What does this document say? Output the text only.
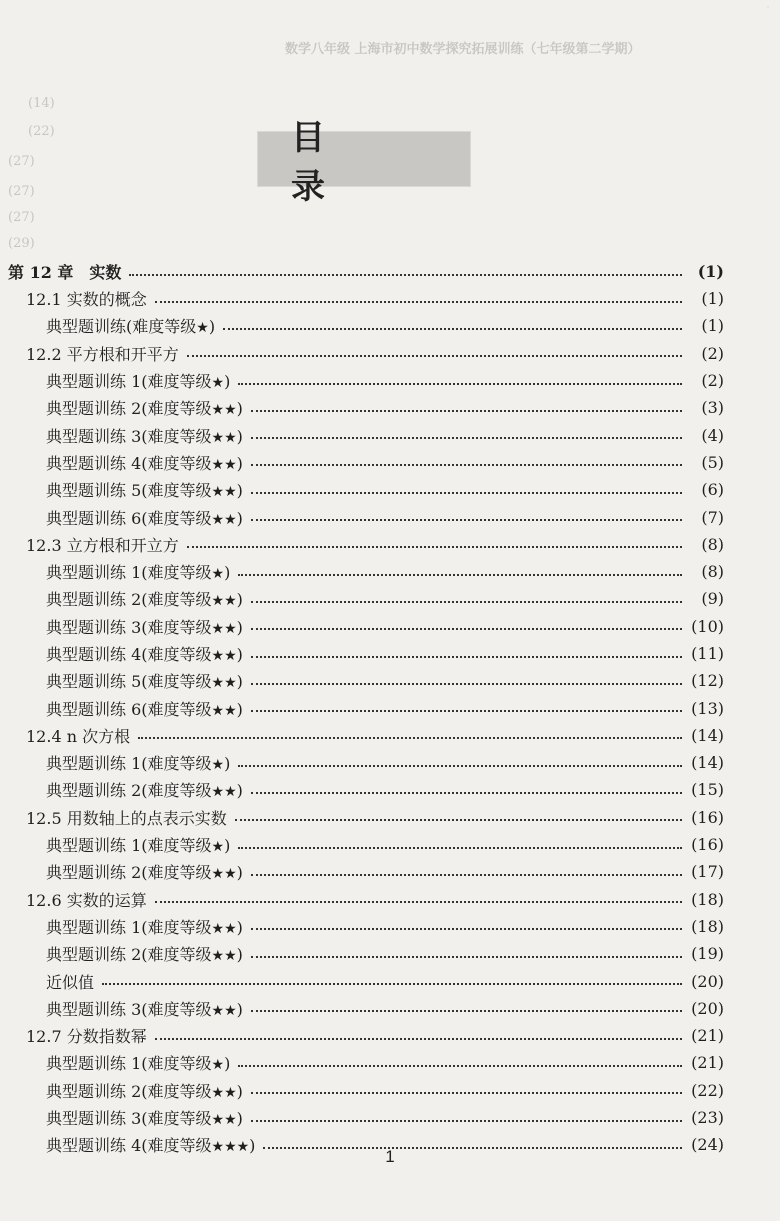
·
数学八年级 上海市初中数学探究拓展训练（七年级第二学期）
(14)
(22)
(27)
(27)
(27)
(29)
目 录
第 12 章　实数	(1)
12.1 实数的概念	(1)
典型题训练(难度等级★)	(1)
12.2 平方根和开平方	(2)
典型题训练 1(难度等级★)	(2)
典型题训练 2(难度等级★★)	(3)
典型题训练 3(难度等级★★)	(4)
典型题训练 4(难度等级★★)	(5)
典型题训练 5(难度等级★★)	(6)
典型题训练 6(难度等级★★)	(7)
12.3 立方根和开立方	(8)
典型题训练 1(难度等级★)	(8)
典型题训练 2(难度等级★★)	(9)
典型题训练 3(难度等级★★)	(10)
典型题训练 4(难度等级★★)	(11)
典型题训练 5(难度等级★★)	(12)
典型题训练 6(难度等级★★)	(13)
12.4 n 次方根	(14)
典型题训练 1(难度等级★)	(14)
典型题训练 2(难度等级★★)	(15)
12.5 用数轴上的点表示实数	(16)
典型题训练 1(难度等级★)	(16)
典型题训练 2(难度等级★★)	(17)
12.6 实数的运算	(18)
典型题训练 1(难度等级★★)	(18)
典型题训练 2(难度等级★★)	(19)
近似值	(20)
典型题训练 3(难度等级★★)	(20)
12.7 分数指数幂	(21)
典型题训练 1(难度等级★)	(21)
典型题训练 2(难度等级★★)	(22)
典型题训练 3(难度等级★★)	(23)
典型题训练 4(难度等级★★★)	(24)
1
